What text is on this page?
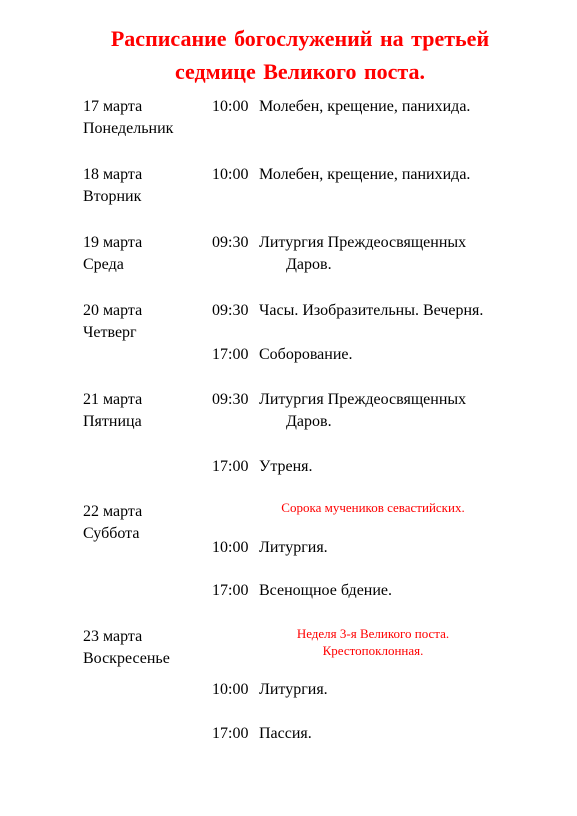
Расписание богослужений на третьей
седмице Великого поста.
17 марта
Понедельник
10:00 Молебен, крещение, панихида.
18 марта
Вторник
10:00 Молебен, крещение, панихида.
19 марта
Среда
09:30 Литургия Преждеосвященных
Даров.
20 марта
Четверг
09:30 Часы. Изобразительны. Вечерня.
17:00 Соборование.
21 марта
Пятница
09:30 Литургия Преждеосвященных
Даров.
17:00 Утреня.
22 марта
Суббота
Сорока мучеников севастийских.
10:00 Литургия.
17:00 Всенощное бдение.
23 марта
Воскресенье
Неделя 3-я Великого поста.
Крестопоклонная.
10:00 Литургия.
17:00 Пассия.
